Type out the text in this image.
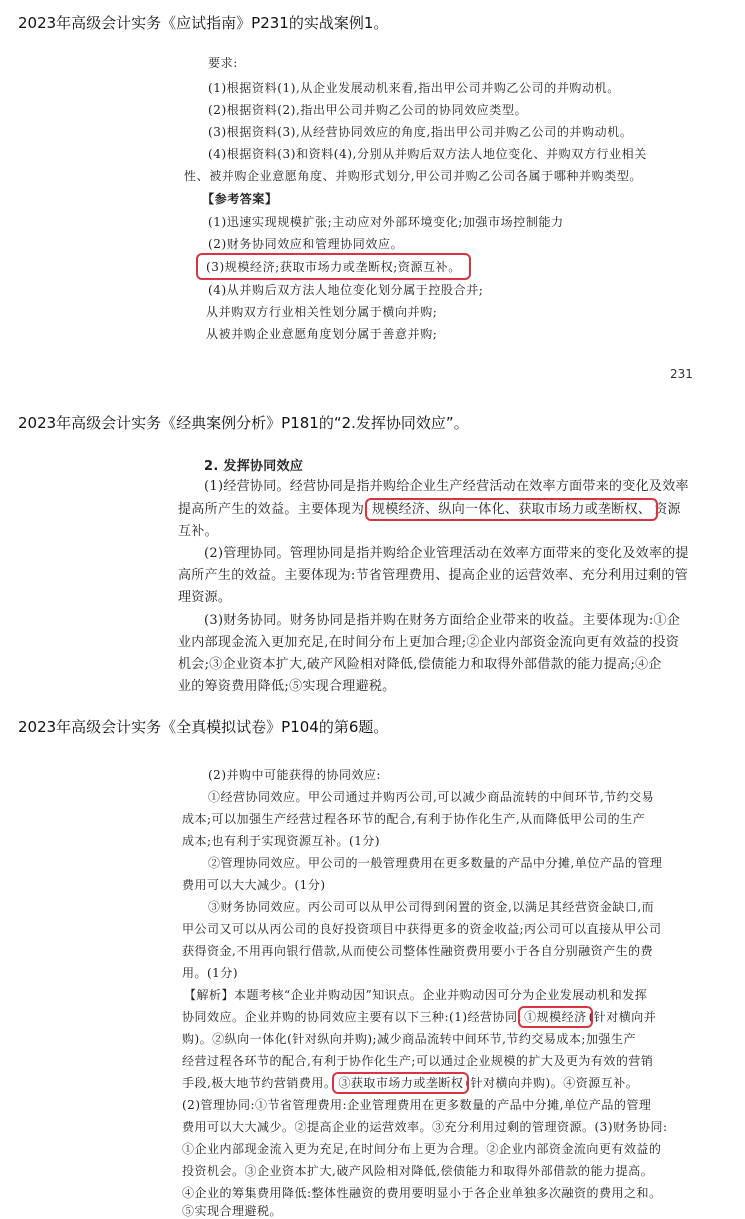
2023年高级会计实务《应试指南》P231的实战案例1。
2023年高级会计实务《经典案例分析》P181的“2.发挥协同效应”。
2023年高级会计实务《全真模拟试卷》P104的第6题。
要求:
(1)根据资料(1),从企业发展动机来看,指出甲公司并购乙公司的并购动机。
(2)根据资料(2),指出甲公司并购乙公司的协同效应类型。
(3)根据资料(3),从经营协同效应的角度,指出甲公司并购乙公司的并购动机。
(4)根据资料(3)和资料(4),分别从并购后双方法人地位变化、并购双方行业相关
性、被并购企业意愿角度、并购形式划分,甲公司并购乙公司各属于哪种并购类型。
【参考答案】
(1)迅速实现规模扩张;主动应对外部环境变化;加强市场控制能力
(2)财务协同效应和管理协同效应。
(3)规模经济;获取市场力或垄断权;资源互补。
(4)从并购后双方法人地位变化划分属于控股合并;
从并购双方行业相关性划分属于横向并购;
从被并购企业意愿角度划分属于善意并购;
231
2. 发挥协同效应
(1)经营协同。经营协同是指并购给企业生产经营活动在效率方面带来的变化及效率
提高所产生的效益。主要体现为: 规模经济、纵向一体化、获取市场力或垄断权、 资源
互补。
(2)管理协同。管理协同是指并购给企业管理活动在效率方面带来的变化及效率的提
高所产生的效益。主要体现为:节省管理费用、提高企业的运营效率、充分利用过剩的管
理资源。
(3)财务协同。财务协同是指并购在财务方面给企业带来的收益。主要体现为:①企
业内部现金流入更加充足,在时间分布上更加合理;②企业内部资金流向更有效益的投资
机会;③企业资本扩大,破产风险相对降低,偿债能力和取得外部借款的能力提高;④企
业的筹资费用降低;⑤实现合理避税。
(2)并购中可能获得的协同效应:
①经营协同效应。甲公司通过并购丙公司,可以减少商品流转的中间环节,节约交易
成本;可以加强生产经营过程各环节的配合,有利于协作化生产,从而降低甲公司的生产
成本;也有利于实现资源互补。(1分)
②管理协同效应。甲公司的一般管理费用在更多数量的产品中分摊,单位产品的管理
费用可以大大减少。(1分)
③财务协同效应。丙公司可以从甲公司得到闲置的资金,以满足其经营资金缺口,而
甲公司又可以从丙公司的良好投资项目中获得更多的资金收益;丙公司可以直接从甲公司
获得资金,不用再向银行借款,从而使公司整体性融资费用要小于各自分别融资产生的费
用。(1分)
【解析】本题考核“企业并购动因”知识点。企业并购动因可分为企业发展动机和发挥
协同效应。企业并购的协同效应主要有以下三种:(1)经营协同: ①规模经济 (针对横向并
购)。②纵向一体化(针对纵向并购);减少商品流转中间环节,节约交易成本;加强生产
经营过程各环节的配合,有利于协作化生产;可以通过企业规模的扩大及更为有效的营销
手段,极大地节约营销费用。 ③获取市场力或垄断权 (针对横向并购)。④资源互补。
(2)管理协同:①节省管理费用:企业管理费用在更多数量的产品中分摊,单位产品的管理
费用可以大大减少。②提高企业的运营效率。③充分利用过剩的管理资源。(3)财务协同:
①企业内部现金流入更为充足,在时间分布上更为合理。②企业内部资金流向更有效益的
投资机会。③企业资本扩大,破产风险相对降低,偿债能力和取得外部借款的能力提高。
④企业的筹集费用降低:整体性融资的费用要明显小于各企业单独多次融资的费用之和。
⑤实现合理避税。
